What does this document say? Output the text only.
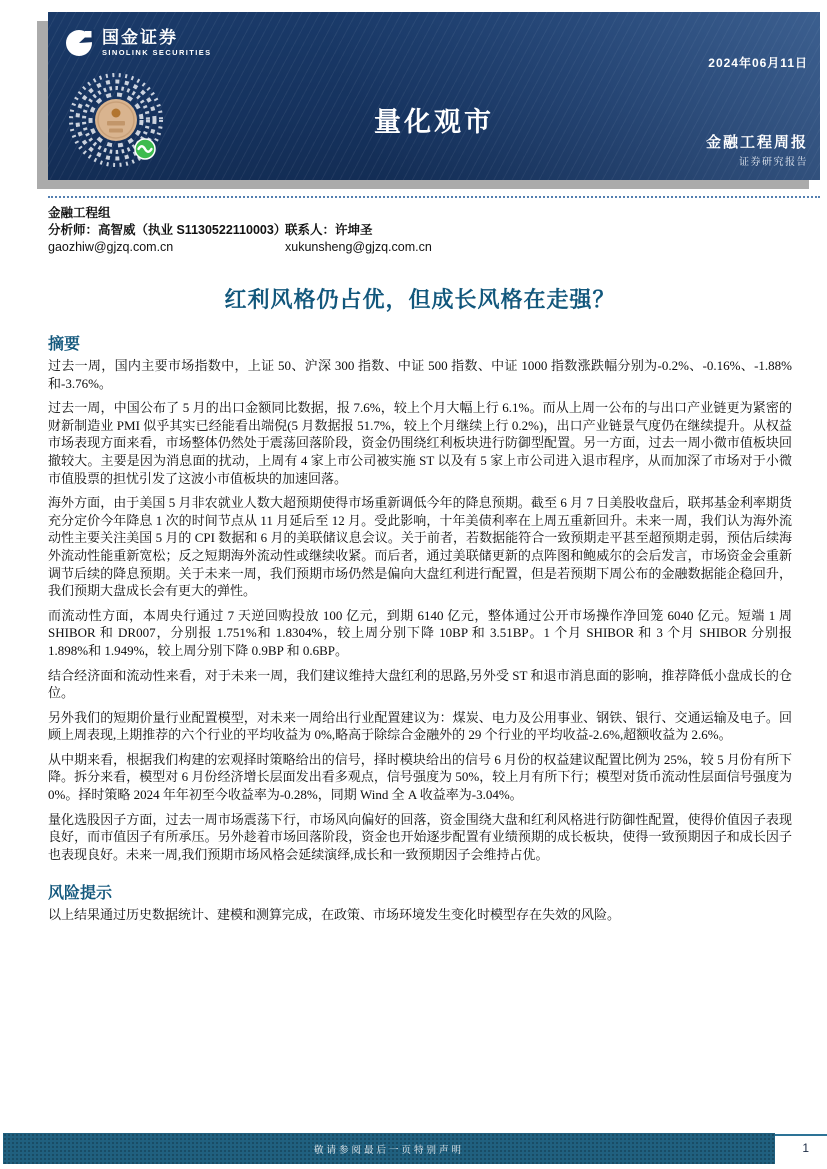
国金证券
SINOLINK SECURITIES
2024年06月11日
量化观市
金融工程周报
证券研究报告
金融工程组
分析师：高智威（执业 S1130522110003）
联系人：许坤圣
gaozhiw@gjzq.com.cn	xukunsheng@gjzq.com.cn
红利风格仍占优，但成长风格在走强？
摘要

过去一周，国内主要市场指数中，上证 50、沪深 300 指数、中证 500 指数、中证 1000 指数涨跌幅分别为-0.2%、-0.16%、-1.88%和-3.76%。

过去一周，中国公布了 5 月的出口金额同比数据，报 7.6%，较上个月大幅上行 6.1%。而从上周一公布的与出口产业链更为紧密的财新制造业 PMI 似乎其实已经能看出端倪(5 月数据报 51.7%，较上个月继续上行 0.2%)，出口产业链景气度仍在继续提升。从权益市场表现方面来看，市场整体仍然处于震荡回落阶段，资金仍围绕红利板块进行防御型配置。另一方面，过去一周小微市值板块回撤较大。主要是因为消息面的扰动，上周有 4 家上市公司被实施 ST 以及有 5 家上市公司进入退市程序，从而加深了市场对于小微市值股票的担忧引发了这波小市值板块的加速回落。

海外方面，由于美国 5 月非农就业人数大超预期使得市场重新调低今年的降息预期。截至 6 月 7 日美股收盘后，联邦基金利率期货充分定价今年降息 1 次的时间节点从 11 月延后至 12 月。受此影响，十年美债利率在上周五重新回升。未来一周，我们认为海外流动性主要关注美国 5 月的 CPI 数据和 6 月的美联储议息会议。关于前者，若数据能符合一致预期走平甚至超预期走弱，预估后续海外流动性能重新宽松；反之短期海外流动性或继续收紧。而后者，通过美联储更新的点阵图和鲍威尔的会后发言，市场资金会重新调节后续的降息预期。关于未来一周，我们预期市场仍然是偏向大盘红利进行配置，但是若预期下周公布的金融数据能企稳回升，我们预期大盘成长会有更大的弹性。

而流动性方面，本周央行通过 7 天逆回购投放 100 亿元，到期 6140 亿元，整体通过公开市场操作净回笼 6040 亿元。短端 1 周 SHIBOR 和 DR007，分别报 1.751%和 1.8304%，较上周分别下降 10BP 和 3.51BP。1 个月 SHIBOR 和 3 个月 SHIBOR 分别报 1.898%和 1.949%，较上周分别下降 0.9BP 和 0.6BP。

结合经济面和流动性来看，对于未来一周，我们建议维持大盘红利的思路,另外受 ST 和退市消息面的影响，推荐降低小盘成长的仓位。

另外我们的短期价量行业配置模型，对未来一周给出行业配置建议为：煤炭、电力及公用事业、钢铁、银行、交通运输及电子。回顾上周表现,上期推荐的六个行业的平均收益为 0%,略高于除综合金融外的 29 个行业的平均收益-2.6%,超额收益为 2.6%。

从中期来看，根据我们构建的宏观择时策略给出的信号，择时模块给出的信号 6 月份的权益建议配置比例为 25%，较 5 月份有所下降。拆分来看，模型对 6 月份经济增长层面发出看多观点，信号强度为 50%，较上月有所下行；模型对货币流动性层面信号强度为 0%。择时策略 2024 年年初至今收益率为-0.28%，同期 Wind 全 A 收益率为-3.04%。

量化选股因子方面，过去一周市场震荡下行，市场风向偏好的回落，资金围绕大盘和红利风格进行防御性配置，使得价值因子表现良好，而市值因子有所承压。另外趁着市场回落阶段，资金也开始逐步配置有业绩预期的成长板块，使得一致预期因子和成长因子也表现良好。未来一周,我们预期市场风格会延续演绎,成长和一致预期因子会维持占优。

风险提示

以上结果通过历史数据统计、建模和测算完成，在政策、市场环境发生变化时模型存在失效的风险。

敬请参阅最后一页特别声明	1
